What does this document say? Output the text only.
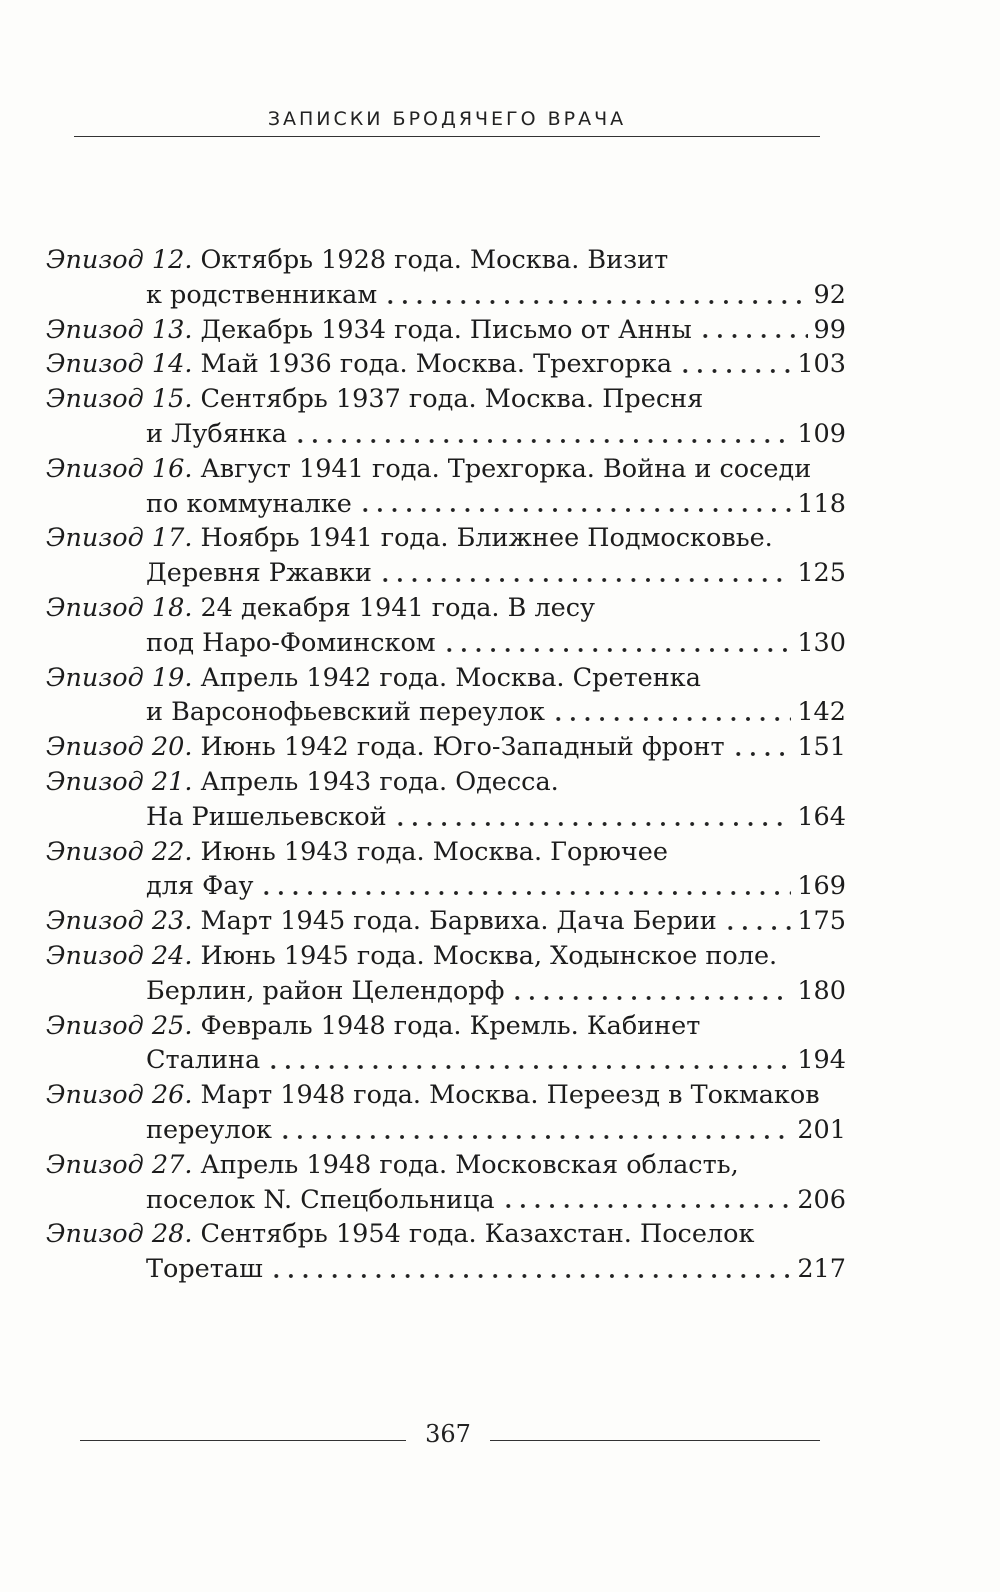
ЗАПИСКИ БРОДЯЧЕГО ВРАЧА
Эпизод 12. Октябрь 1928 года. Москва. Визит
к родственникам	92
Эпизод 13. Декабрь 1934 года. Письмо от Анны	99
Эпизод 14. Май 1936 года. Москва. Трехгорка	103
Эпизод 15. Сентябрь 1937 года. Москва. Пресня
и Лубянка	109
Эпизод 16. Август 1941 года. Трехгорка. Война и соседи
по коммуналке	118
Эпизод 17. Ноябрь 1941 года. Ближнее Подмосковье.
Деревня Ржавки	125
Эпизод 18. 24 декабря 1941 года. В лесу
под Наро-Фоминском	130
Эпизод 19. Апрель 1942 года. Москва. Сретенка
и Варсонофьевский переулок	142
Эпизод 20. Июнь 1942 года. Юго-Западный фронт	151
Эпизод 21. Апрель 1943 года. Одесса.
На Ришельевской	164
Эпизод 22. Июнь 1943 года. Москва. Горючее
для Фау	169
Эпизод 23. Март 1945 года. Барвиха. Дача Берии	175
Эпизод 24. Июнь 1945 года. Москва, Ходынское поле.
Берлин, район Целендорф	180
Эпизод 25. Февраль 1948 года. Кремль. Кабинет
Сталина	194
Эпизод 26. Март 1948 года. Москва. Переезд в Токмаков
переулок	201
Эпизод 27. Апрель 1948 года. Московская область,
поселок N. Спецбольница	206
Эпизод 28. Сентябрь 1954 года. Казахстан. Поселок
Тореташ	217
367
